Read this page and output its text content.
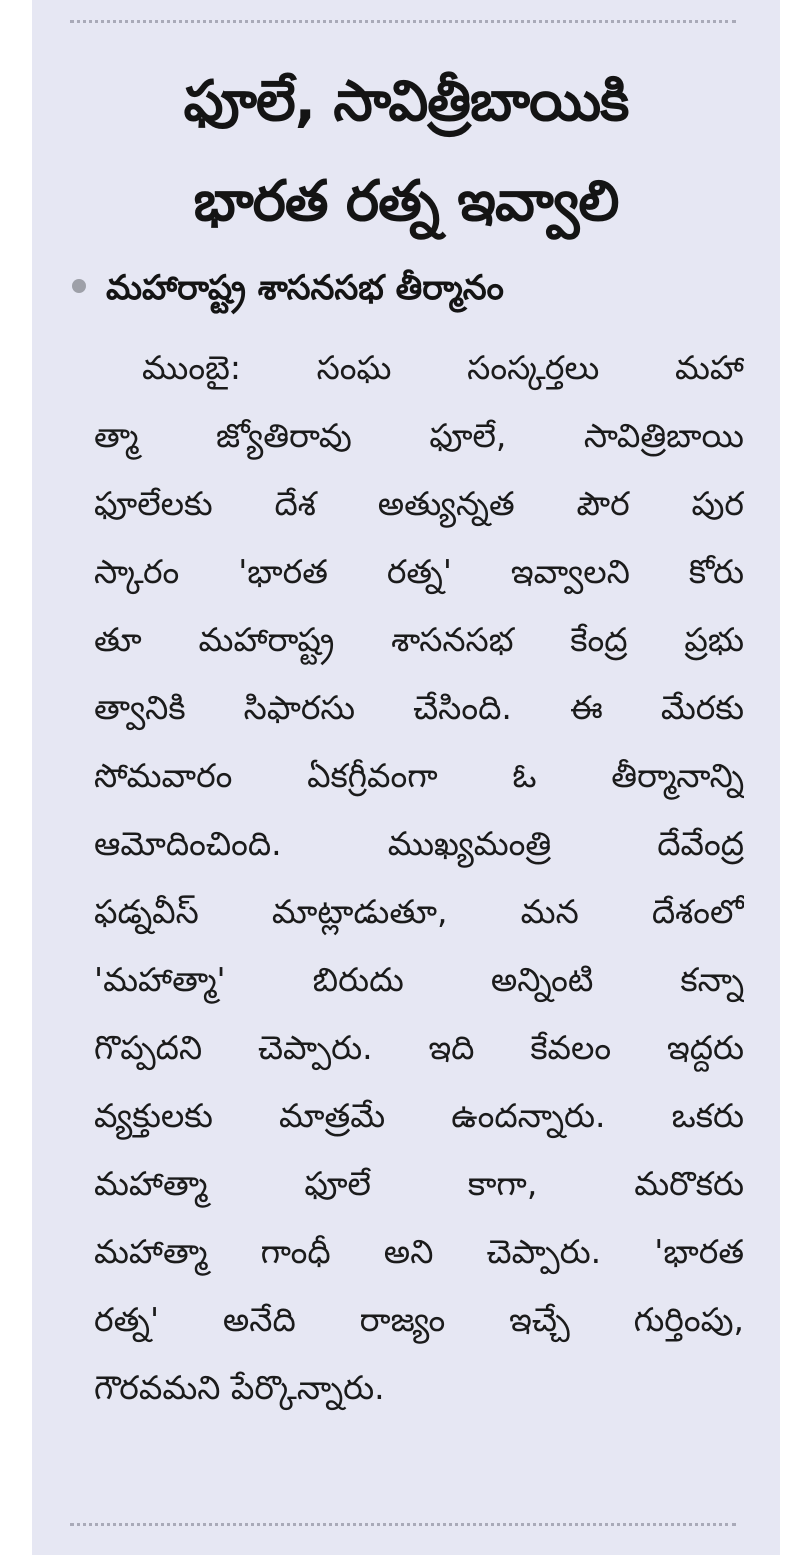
ఫూలే, సావిత్రీబాయికి
భారత రత్న ఇవ్వాలి
మహారాష్ట్ర శాసనసభ తీర్మానం
ముంబై: సంఘ సంస్కర్తలు మహా
త్మా జ్యోతిరావు ఫూలే, సావిత్రిబాయి
ఫూలేలకు దేశ అత్యున్నత పౌర పుర
స్కారం 'భారత రత్న' ఇవ్వాలని కోరు
తూ మహారాష్ట్ర శాసనసభ కేంద్ర ప్రభు
త్వానికి సిఫారసు చేసింది. ఈ మేరకు
సోమవారం ఏకగ్రీవంగా ఓ తీర్మానాన్ని
ఆమోదించింది. ముఖ్యమంత్రి దేవేంద్ర
ఫడ్నవీస్ మాట్లాడుతూ, మన దేశంలో
'మహాత్మా' బిరుదు అన్నింటి కన్నా
గొప్పదని చెప్పారు. ఇది కేవలం ఇద్దరు
వ్యక్తులకు మాత్రమే ఉందన్నారు. ఒకరు
మహాత్మా ఫూలే కాగా, మరొకరు
మహాత్మా గాంధీ అని చెప్పారు. 'భారత
రత్న' అనేది రాజ్యం ఇచ్చే గుర్తింపు,
గౌరవమని పేర్కొన్నారు.
